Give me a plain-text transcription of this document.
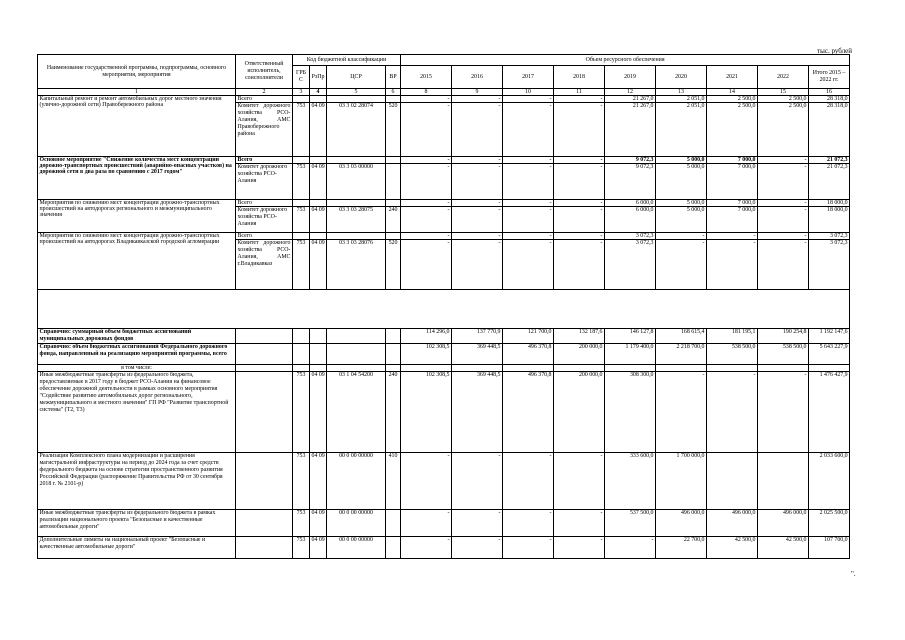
тыс. рублей
Наименование государственной программы, подпрограммы, основного мероприятия, мероприятия	Ответственный исполнитель, соисполнители	Код бюджетной классификации				Объем ресурсного обеспечения								
		ГРБС	РзПр	ЦСР	ВР	2015	2016	2017	2018	2019	2020	2021	2022	Итого 2015 – 2022 гг.
1	2	3	4	5	6	8	9	10	11	12	13	14	15	16
Капитальный ремонт и ремонт автомобильных дорог местного значения (улично-дорожной сети) Правобережного района	Всего					-	-	-	-	21 267,0	2 051,0	2 500,0	2 500,0	28 318,0
	Комитет дорожного хозяйства РСО-Алания, АМС Правобережного района	753	04 09	03 3 02 28074	520	-	-	-	-	21 267,0	2 051,0	2 500,0	2 500,0	28 318,0
Основное мероприятие "Снижение количества мест концентрации дорожно-транспортных происшествий (аварийно-опасных участков) на дорожной сети в два раза по сравнению с 2017 годом"	Всего					-	-	-	-	9 072,3	5 000,0	7 000,0	-	21 072,3
	Комитет дорожного хозяйства РСО-Алания	753	04 09	03 3 03 00000		-	-	-	-	9 072,3	5 000,0	7 000,0	-	21 072,3
Мероприятия по снижению мест концентрации дорожно-транспортных происшествий на автодорогах регионального и межмуниципального значения	Всего					-	-	-	-	6 000,0	5 000,0	7 000,0	-	18 000,0
	Комитет дорожного хозяйства РСО-Алания	753	04 09	03 3 03 28075	240	-	-	-	-	6 000,0	5 000,0	7 000,0	-	18 000,0
Мероприятия по снижению мест концентрации дорожно-транспортных происшествий на автодорогах Владикавказской городской агломерации	Всего					-	-	-	-	3 072,3	-	-	-	3 072,3
	Комитет дорожного хозяйства РСО-Алания, АМС г.Владикавказ	753	04 09	03 3 03 28076	520	-	-	-	-	3 072,3	-	-	-	3 072,3

Справочно: суммарный объем бюджетных ассигнований муниципальных дорожных фондов						114 296,0	137 770,9	121 700,0	132 187,6	146 127,8	168 615,4	181 195,1	190 254,8	1 192 147,6
Справочно: объем бюджетных ассигнований Федерального дорожного фонда, направленный на реализацию мероприятий программы, всего						102 308,5	369 448,5	496 370,8	200 000,0	1 179 400,0	2 218 700,0	538 500,0	538 500,0	5 643 227,9
в том числе:														
Иные межбюджетные трансферты из федерального бюджета, предоставляемые в 2017 году в бюджет РСО-Алания на финансовое обеспечение дорожной деятельности в рамках основного мероприятия "Содействие развитию автомобильных дорог регионального, межмуниципального и местного значения" ГП РФ "Развитие транспортной системы" (Т2, Т3)		753	04 09	03 1 04 54200	240	102 308,5	369 448,5	496 370,8	200 000,0	308 300,0	-	-	-	1 476 427,9
Реализация Комплексного плана модернизации и расширения магистральной инфраструктуры на период до 2024 года за счет средств федерального бюджета на основе стратегии пространственного развития Российской Федерации (распоряжение Правительства РФ от 30 сентября 2018 г. № 2101-р)		753	04 09	00 0 00 00000	410	-	-	-	-	333 600,0	1 700 000,0			2 033 600,0
Иные межбюджетные трансферты из федерального бюджета в рамках реализации национального проекта "Безопасные и качественные автомобильные дороги"		753	04 09	00 0 00 00000		-	-	-	-	537 500,0	496 000,0	496 000,0	496 000,0	2 025 500,0
Дополнительные лимиты на национальный проект "Безопасные и качественные автомобильные дороги"		753	04 09	00 0 00 00000		-	-	-	-	-	22 700,0	42 500,0	42 500,0	107 700,0
".
